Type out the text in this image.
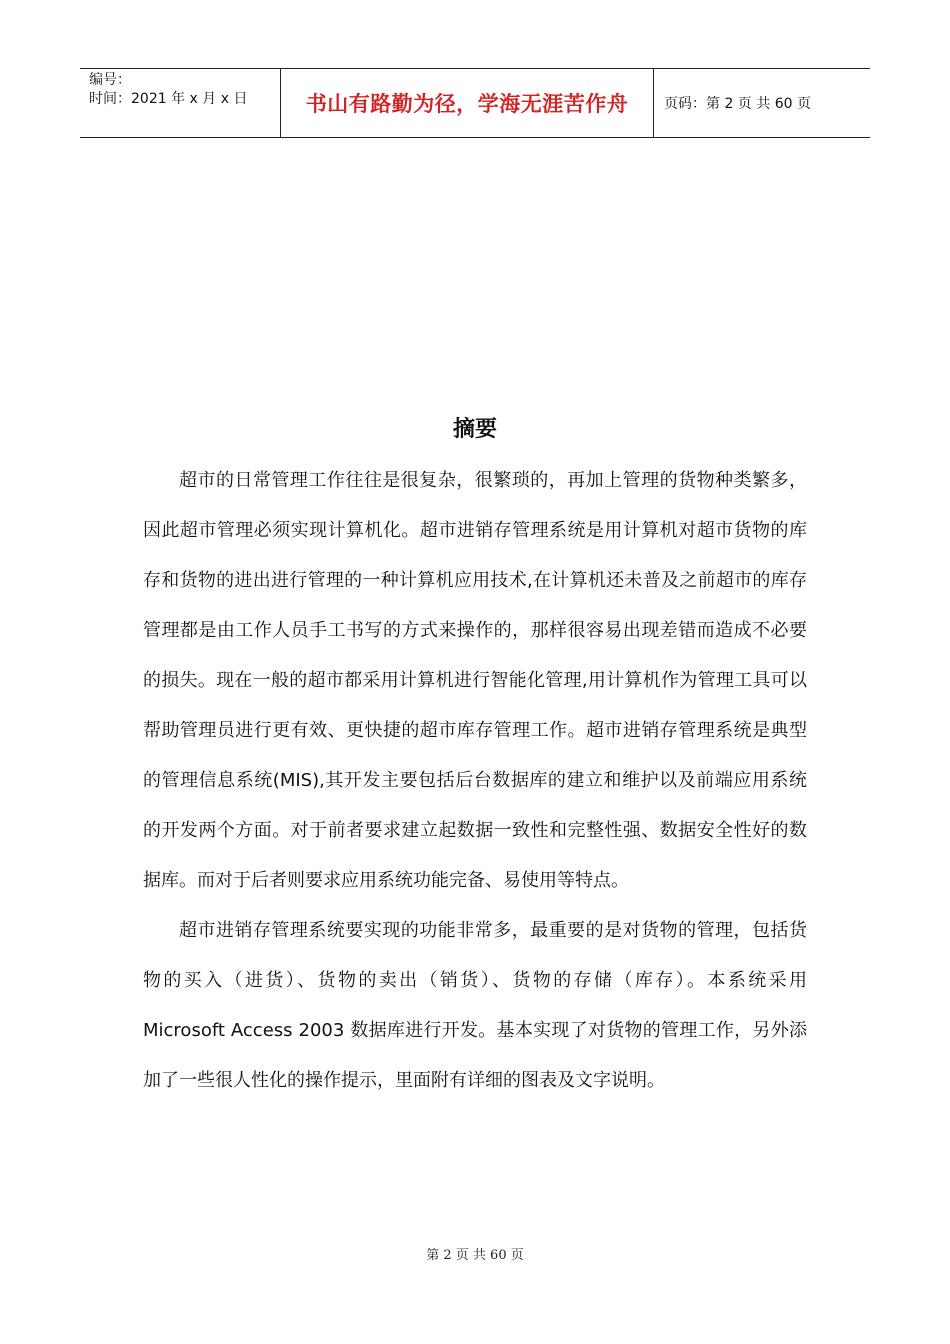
编号：
时间：2021 年 x 月 x 日	书山有路勤为径，学海无涯苦作舟	页码：第 2 页 共 60 页
摘要

超市的日常管理工作往往是很复杂，很繁琐的，再加上管理的货物种类繁多，因此超市管理必须实现计算机化。超市进销存管理系统是用计算机对超市货物的库存和货物的进出进行管理的一种计算机应用技术,在计算机还未普及之前超市的库存管理都是由工作人员手工书写的方式来操作的，那样很容易出现差错而造成不必要的损失。现在一般的超市都采用计算机进行智能化管理,用计算机作为管理工具可以帮助管理员进行更有效、更快捷的超市库存管理工作。超市进销存管理系统是典型的管理信息系统(MIS),其开发主要包括后台数据库的建立和维护以及前端应用系统的开发两个方面。对于前者要求建立起数据一致性和完整性强、数据安全性好的数据库。而对于后者则要求应用系统功能完备、易使用等特点。

超市进销存管理系统要实现的功能非常多，最重要的是对货物的管理，包括货物的买入（进货）、货物的卖出（销货）、货物的存储（库存）。本系统采用 Microsoft Access 2003 数据库进行开发。基本实现了对货物的管理工作，另外添加了一些很人性化的操作提示，里面附有详细的图表及文字说明。

第 2 页 共 60 页
